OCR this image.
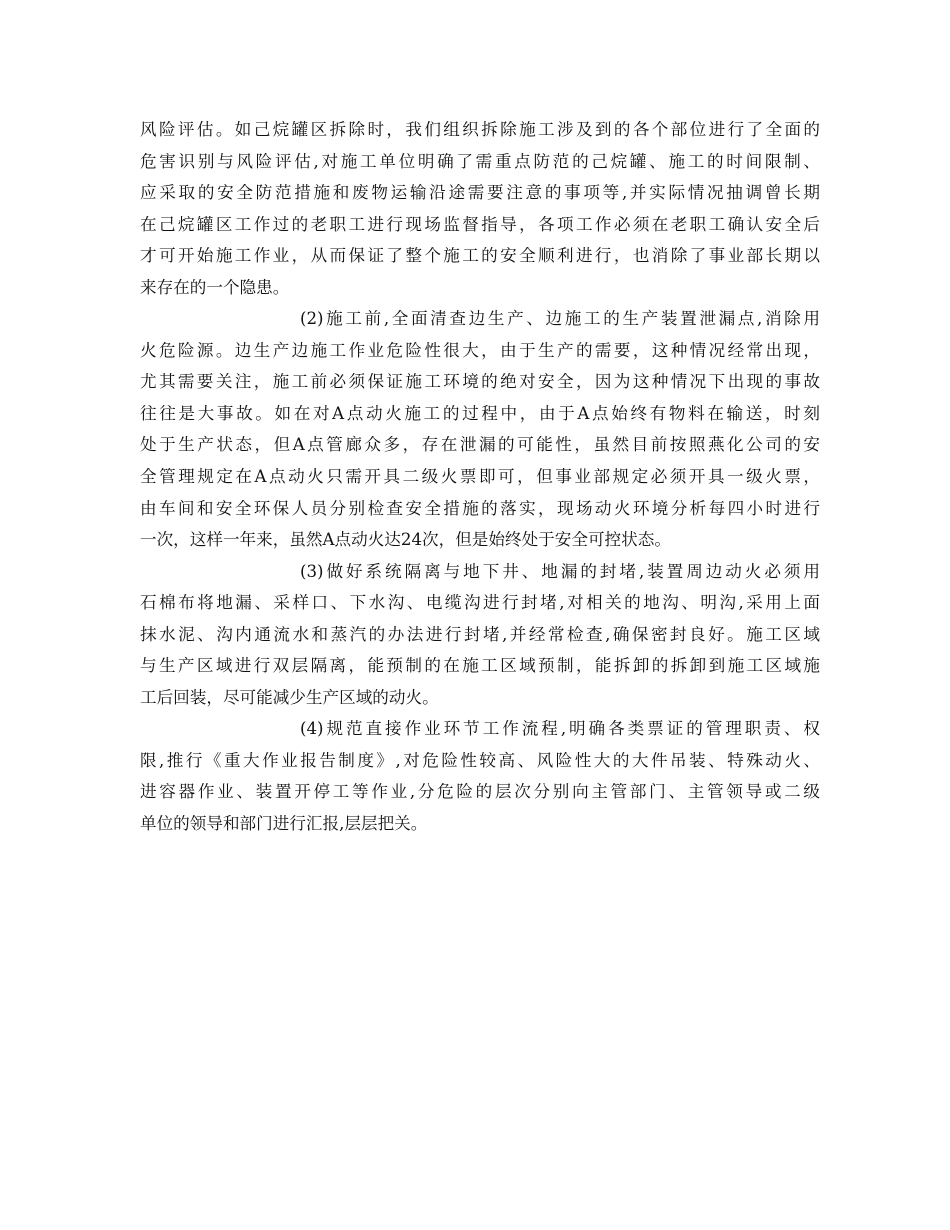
风险评估。如己烷罐区拆除时，我们组织拆除施工涉及到的各个部位进行了全面的
危害识别与风险评估,对施工单位明确了需重点防范的己烷罐、施工的时间限制、
应采取的安全防范措施和废物运输沿途需要注意的事项等,并实际情况抽调曾长期
在己烷罐区工作过的老职工进行现场监督指导，各项工作必须在老职工确认安全后
才可开始施工作业，从而保证了整个施工的安全顺利进行，也消除了事业部长期以
来存在的一个隐患。
(2)施工前,全面清查边生产、边施工的生产装置泄漏点,消除用
火危险源。边生产边施工作业危险性很大，由于生产的需要，这种情况经常出现，
尤其需要关注，施工前必须保证施工环境的绝对安全，因为这种情况下出现的事故
往往是大事故。如在对A点动火施工的过程中，由于A点始终有物料在输送，时刻
处于生产状态，但A点管廊众多，存在泄漏的可能性，虽然目前按照燕化公司的安
全管理规定在A点动火只需开具二级火票即可，但事业部规定必须开具一级火票，
由车间和安全环保人员分别检查安全措施的落实，现场动火环境分析每四小时进行
一次，这样一年来，虽然A点动火达24次，但是始终处于安全可控状态。
(3)做好系统隔离与地下井、地漏的封堵,装置周边动火必须用
石棉布将地漏、采样口、下水沟、电缆沟进行封堵,对相关的地沟、明沟,采用上面
抹水泥、沟内通流水和蒸汽的办法进行封堵,并经常检查,确保密封良好。施工区域
与生产区域进行双层隔离，能预制的在施工区域预制，能拆卸的拆卸到施工区域施
工后回装，尽可能减少生产区域的动火。
(4)规范直接作业环节工作流程,明确各类票证的管理职责、权
限,推行《重大作业报告制度》,对危险性较高、风险性大的大件吊装、特殊动火、
进容器作业、装置开停工等作业,分危险的层次分别向主管部门、主管领导或二级
单位的领导和部门进行汇报,层层把关。
